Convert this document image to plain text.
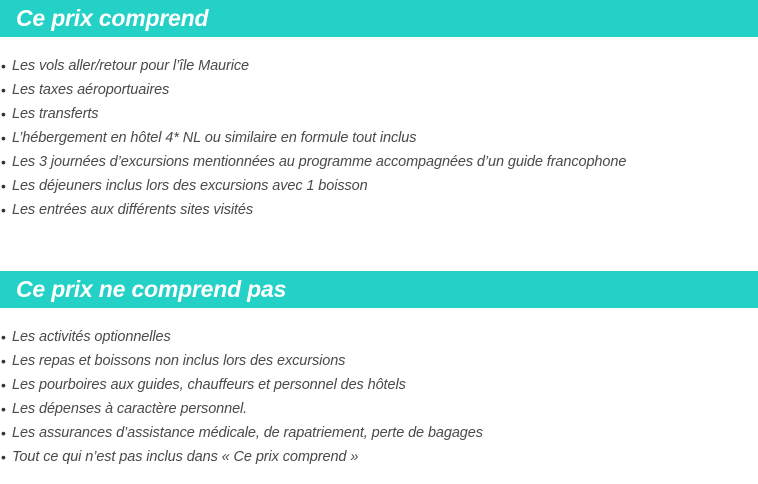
Ce prix comprend
• Les vols aller/retour pour l’île Maurice
• Les taxes aéroportuaires
• Les transferts
• L’hébergement en hôtel 4* NL ou similaire en formule tout inclus
• Les 3 journées d’excursions mentionnées au programme accompagnées d’un guide francophone
• Les déjeuners inclus lors des excursions avec 1 boisson
• Les entrées aux différents sites visités
Ce prix ne comprend pas
• Les activités optionnelles
• Les repas et boissons non inclus lors des excursions
• Les pourboires aux guides, chauffeurs et personnel des hôtels
• Les dépenses à caractère personnel.
• Les assurances d’assistance médicale, de rapatriement, perte de bagages
• Tout ce qui n’est pas inclus dans « Ce prix comprend »
